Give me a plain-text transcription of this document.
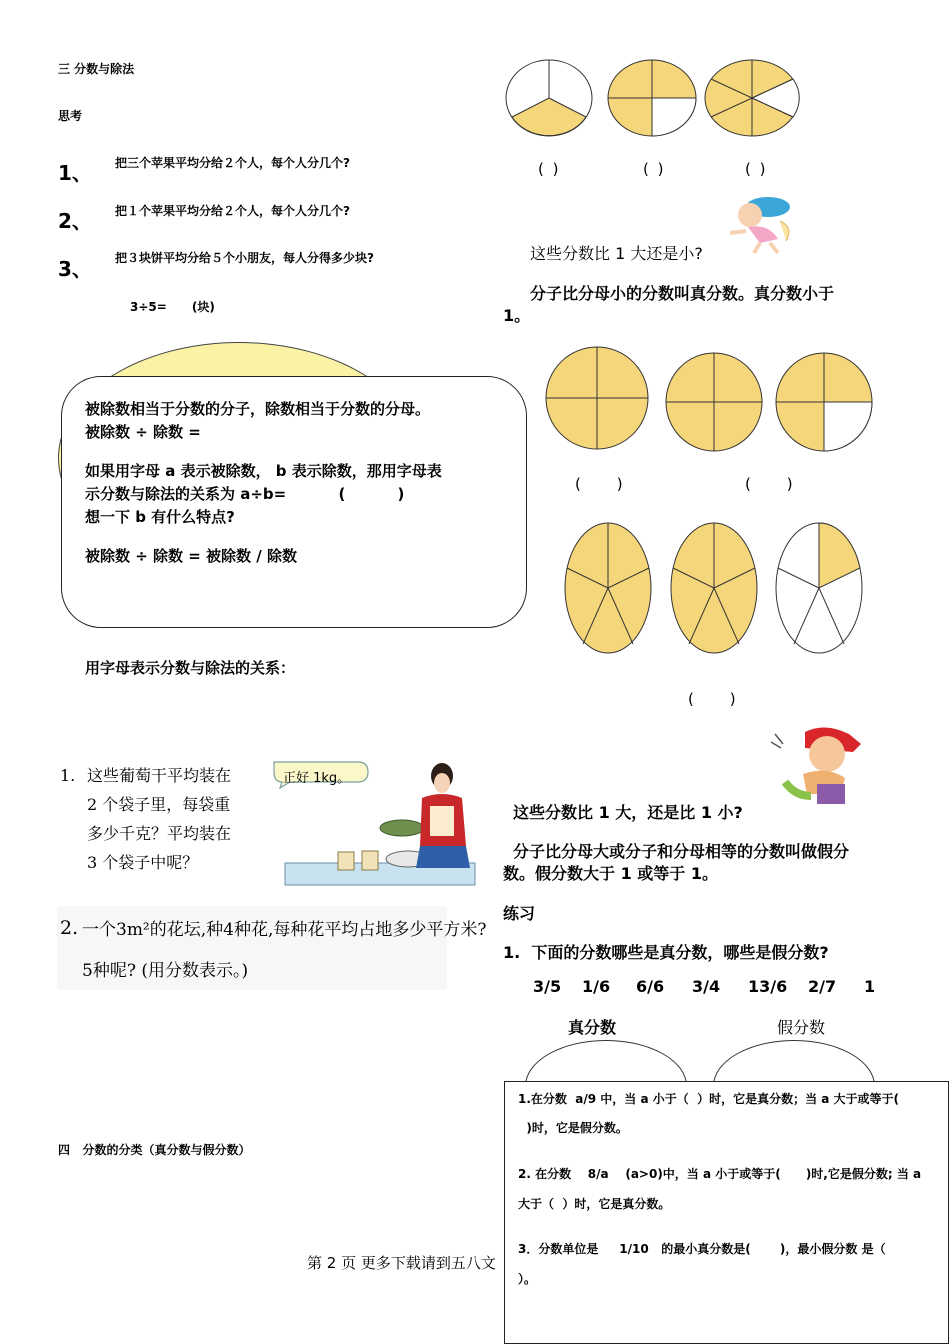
三 分数与除法
思考
1、 把三个苹果平均分给２个人，每个人分几个?
2、 把１个苹果平均分给２个人，每个人分几个?
3、 把３块饼平均分给５个小朋友，每人分得多少块?
3÷5=      (块)
被除数相当于分数的分子，除数相当于分数的分母。
被除数 ÷ 除数 =
如果用字母 a 表示被除数， b 表示除数，那用字母表
示分数与除法的关系为 a÷b=          (          )
想一下 b 有什么特点?
被除数 ÷ 除数 = 被除数 / 除数
用字母表示分数与除法的关系：
1. 这些葡萄干平均装在
2 个袋子里，每袋重
多少千克？平均装在
3 个袋子中呢？
正好 1kg。
2. 一个3m²的花坛,种4种花,每种花平均占地多少平方米?
5种呢? (用分数表示。)
四   分数的分类（真分数与假分数）
( )	( )	( )
这些分数比 1 大还是小?
分子比分母小的分数叫真分数。真分数小于
1。
(     )	(     )
(     )
这些分数比 1 大，还是比 1 小?
分子比分母大或分子和分母相等的分数叫做假分
数。假分数大于 1 或等于 1。
练习
1.  下面的分数哪些是真分数，哪些是假分数?
3/5 1/6 6/6 3/4 13/6 2/7 1
真分数	假分数
1.在分数  a/9 中，当 a 小于（  ）时，它是真分数；当 a 大于或等于(
)时，它是假分数。
2. 在分数    8/a    (a>0)中，当 a 小于或等于(      )时,它是假分数; 当 a
大于（  ）时，它是真分数。
3．分数单位是     1/10   的最小真分数是(       )，最小假分数 是（
）。
第 2 页 更多下载请到五八文
